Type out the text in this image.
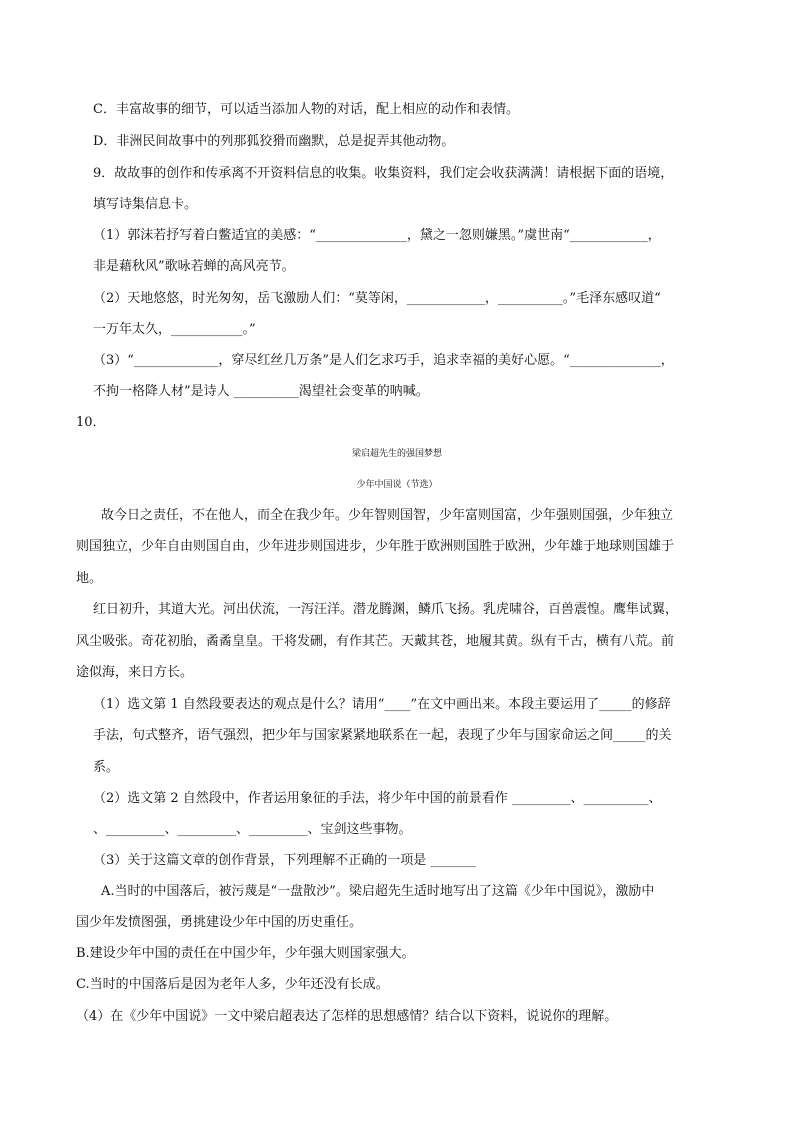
C．丰富故事的细节，可以适当添加人物的对话，配上相应的动作和表情。
D．非洲民间故事中的列那狐狡猾而幽默，总是捉弄其他动物。
9．故故事的创作和传承离不开资料信息的收集。收集资料，我们定会收获满满！请根据下面的语境，
填写诗集信息卡。
（1）郭沫若抒写着白鳖适宜的美感：“______________，黛之一忽则嫌黑。”虞世南“____________，
非是藉秋风”歌咏若蝉的高风亮节。
（2）天地悠悠，时光匆匆，岳飞激励人们：“莫等闲，____________，__________。”毛泽东感叹道“
一万年太久，___________。”
（3）“_____________，穿尽红丝几万条”是人们乞求巧手，追求幸福的美好心愿。“______________，
不拘一格降人材”是诗人 __________渴望社会变革的呐喊。
10．
梁启超先生的强国梦想
少年中国说（节选）
故今日之责任，不在他人，而全在我少年。少年智则国智，少年富则国富，少年强则国强，少年独立
则国独立，少年自由则国自由，少年进步则国进步，少年胜于欧洲则国胜于欧洲，少年雄于地球则国雄于
地。
红日初升，其道大光。河出伏流，一泻汪洋。潜龙腾渊，鳞爪飞扬。乳虎啸谷，百兽震惶。鹰隼试翼，
风尘吸张。奇花初胎，矞矞皇皇。干将发硎，有作其芒。天戴其苍，地履其黄。纵有千古，横有八荒。前
途似海，来日方长。
（1）选文第 1 自然段要表达的观点是什么？请用“____”在文中画出来。本段主要运用了_____的修辞
手法，句式整齐，语气强烈，把少年与国家紧紧地联系在一起，表现了少年与国家命运之间_____的关
系。
（2）选文第 2 自然段中，作者运用象征的手法，将少年中国的前景看作 _________、__________、
、_________、_________、_________、宝剑这些事物。
（3）关于这篇文章的创作背景，下列理解不正确的一项是 _______
A.当时的中国落后，被污蔑是“一盘散沙”。梁启超先生适时地写出了这篇《少年中国说》，激励中
国少年发愤图强，勇挑建设少年中国的历史重任。
B.建设少年中国的责任在中国少年，少年强大则国家强大。
C.当时的中国落后是因为老年人多，少年还没有长成。
（4）在《少年中国说》一文中梁启超表达了怎样的思想感情？结合以下资料，说说你的理解。
